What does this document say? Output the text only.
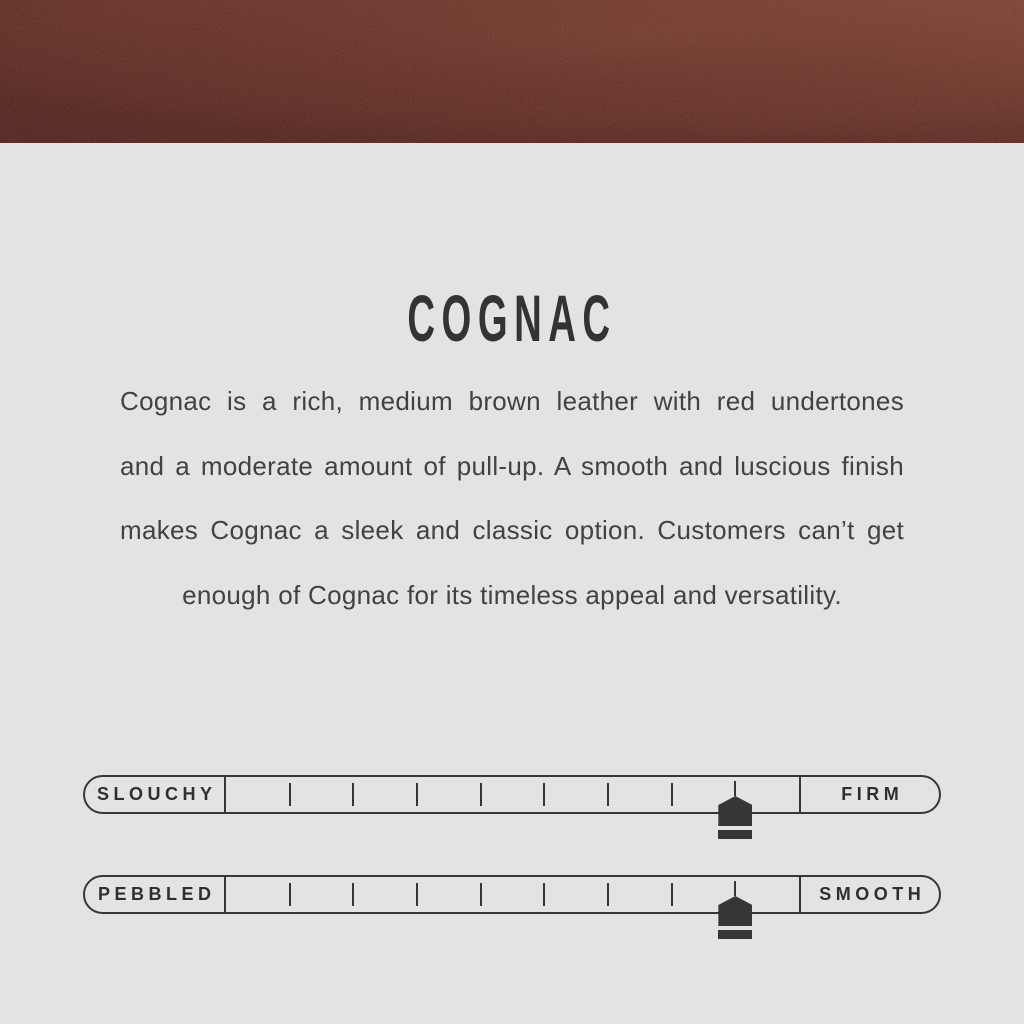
COGNAC
Cognac is a rich, medium brown leather with red undertones
and a moderate amount of pull-up. A smooth and luscious finish
makes Cognac a sleek and classic option. Customers can’t get
enough of Cognac for its timeless appeal and versatility.
SLOUCHY	FIRM
PEBBLED	SMOOTH
